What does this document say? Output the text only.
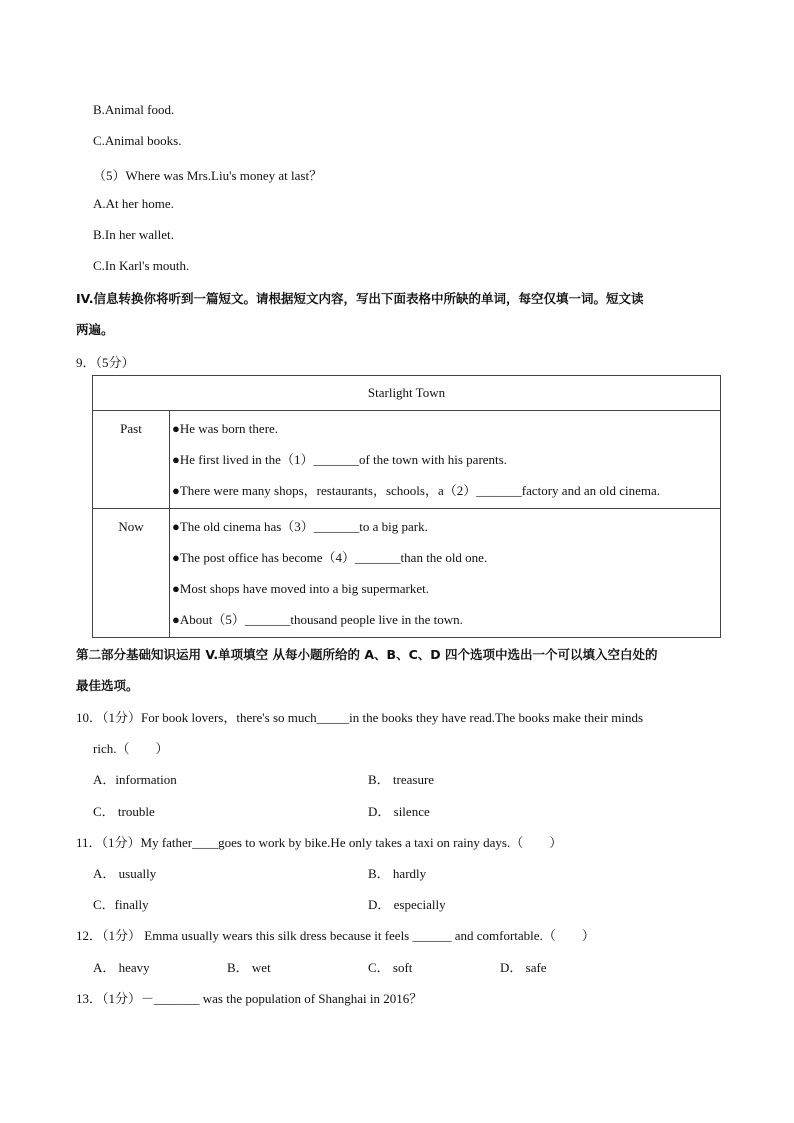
B.Animal food.
C.Animal books.
（5）Where was Mrs.Liu's money at last？
A.At her home.
B.In her wallet.
C.In Karl's mouth.
IV.信息转换你将听到一篇短文。请根据短文内容，写出下面表格中所缺的单词，每空仅填一词。短文读
两遍。
9．（5分）
Starlight Town	
Past	●He was born there.
●He first lived in the（1）_______of the town with his parents.
●There were many shops，restaurants，schools，a（2）_______factory and an old cinema.

Now	●The old cinema has（3）_______to a big park.
●The post office has become（4）_______than the old one.
●Most shops have moved into a big supermarket.
●About（5）_______thousand people live in the town.
第二部分基础知识运用 V.单项填空 从每小题所给的 A、B、C、D 四个选项中选出一个可以填入空白处的
最佳选项。
10．（1分）For book lovers，there's so much_____in the books they have read.The books make their minds
rich.（　　）
A．information	B． treasure
C． trouble	D． silence
11．（1分）My father____goes to work by bike.He only takes a taxi on rainy days.（　　）
A． usually	B． hardly
C．finally	D． especially
12．（1分） Emma usually wears this silk dress because it feels ______ and comfortable.（　　）
A． heavy	B． wet	C． soft	D． safe
13．（1分）－_______ was the population of Shanghai in 2016？
